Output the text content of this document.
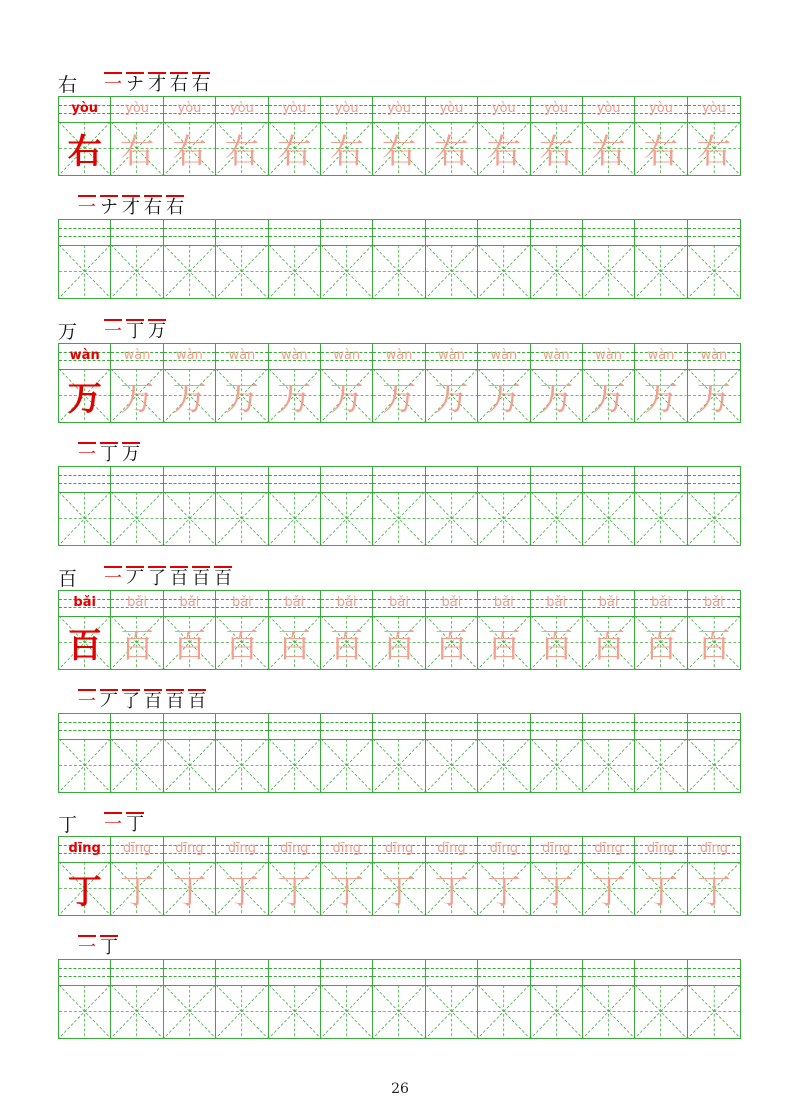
右	一 ナ 才 右 右
yòu
右
yòu
右
yòu
右
yòu
右
yòu
右
yòu
右
yòu
右
yòu
右
yòu
右
yòu
右
yòu
右
yòu
右
yòu
右
一 ナ 才 右 右
万	一 丁 万
wàn
万
wàn
万
wàn
万
wàn
万
wàn
万
wàn
万
wàn
万
wàn
万
wàn
万
wàn
万
wàn
万
wàn
万
wàn
万
一 丁 万
百	一 丆 了 百 百 百
bǎi
百
bǎi
百
bǎi
百
bǎi
百
bǎi
百
bǎi
百
bǎi
百
bǎi
百
bǎi
百
bǎi
百
bǎi
百
bǎi
百
bǎi
百
一 丆 了 百 百 百
丁	一 丁
dīng
丁
dīng
丁
dīng
丁
dīng
丁
dīng
丁
dīng
丁
dīng
丁
dīng
丁
dīng
丁
dīng
丁
dīng
丁
dīng
丁
dīng
丁
一 丁
26
